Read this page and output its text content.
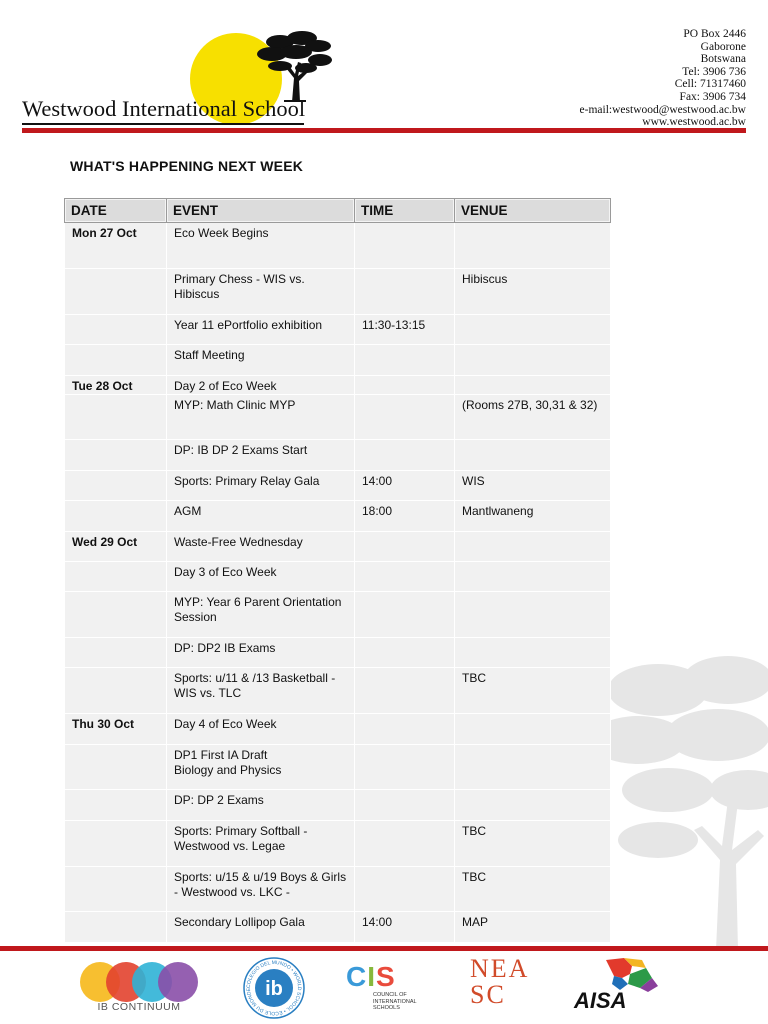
Westwood International School
PO Box 2446
Gaborone
Botswana
Tel: 3906 736
Cell: 71317460
Fax: 3906 734
e-mail:westwood@westwood.ac.bw
www.westwood.ac.bw
WHAT'S HAPPENING NEXT WEEK
DATE	EVENT	TIME	VENUE
Mon 27 Oct	Eco Week Begins		
	Primary Chess - WIS vs. Hibiscus		Hibiscus
	Year 11 ePortfolio exhibition	11:30-13:15	
	Staff Meeting		
Tue 28 Oct	Day 2 of Eco Week		
	MYP: Math Clinic MYP		(Rooms 27B, 30,31 & 32)
	DP: IB DP 2 Exams Start		
	Sports: Primary Relay Gala	14:00	WIS
	AGM	18:00	Mantlwaneng
Wed 29 Oct	Waste-Free Wednesday		
	Day 3 of Eco Week		
	MYP: Year 6 Parent Orientation Session		
	DP: DP2 IB Exams		
	Sports: u/11 & /13 Basketball - WIS vs. TLC		TBC
Thu 30 Oct	Day 4 of Eco Week		
	DP1 First IA Draft
Biology and Physics		
	DP: DP 2 Exams		
	Sports: Primary Softball - Westwood vs. Legae		TBC
	Sports: u/15 & u/19 Boys & Girls - Westwood vs. LKC -		TBC
	Secondary Lollipop Gala	14:00	MAP
IB CONTINUUM
COLEGIO DEL MUNDO • WORLD SCHOOL • ÉCOLE DU MONDE ib CIS
COUNCIL OF INTERNATIONAL SCHOOLS
NEA
SC	AISA
